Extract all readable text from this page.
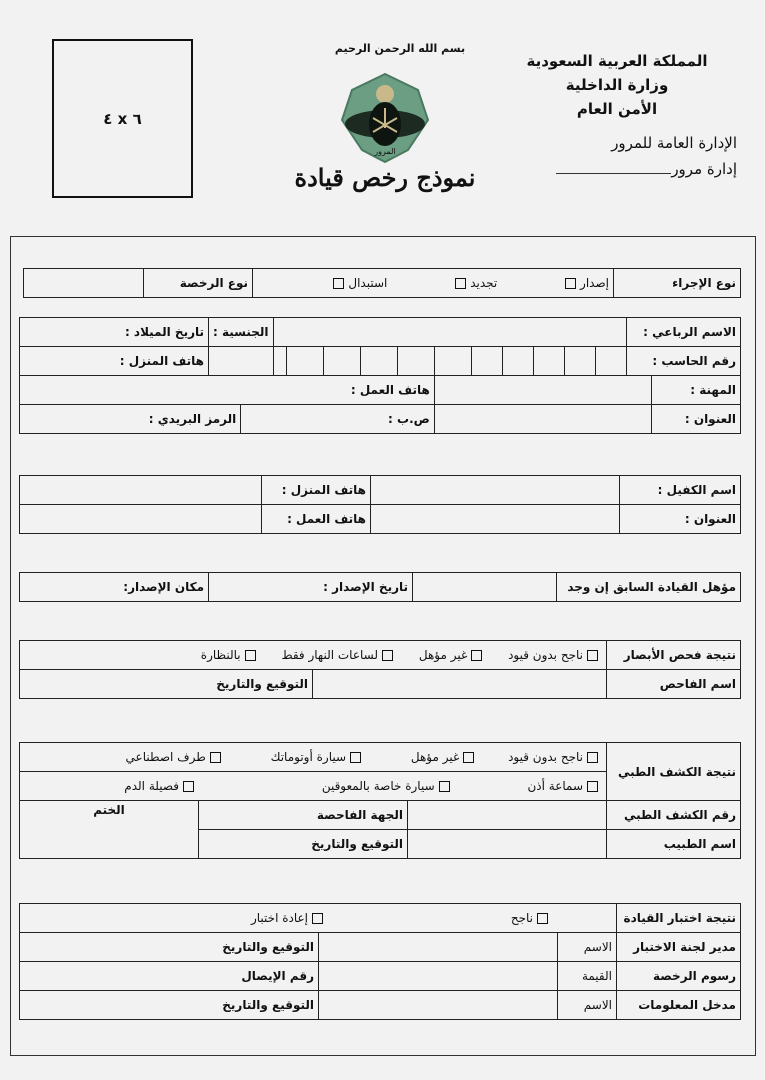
٤ x ٦
بسم الله الرحمن الرحيم
المرور
نموذج رخص قيادة
المملكة العربية السعودية
وزارة الداخلية
الأمن العام
الإدارة العامة للمرور
إدارة مرور
نوع الإجراء	إصدار تجديد استبدال	نوع الرخصة	
الاسم الرباعي :													الجنسية :		تاريخ الميلاد :
رقم الحاسب :															هاتف المنزل :
المهنة :								هاتف العمل :							
العنوان :								ص.ب :						الرمز البريدي :	
اسم الكفيل :		هاتف المنزل :	
العنوان :		هاتف العمل :	
مؤهل القيادة السابق إن وجد		تاريخ الإصدار :	مكان الإصدار:
نتيجة فحص الأبصار	ناجح بدون قيود غير مؤهل لساعات النهار فقط بالنظارة	
اسم الفاحص		التوقيع والتاريخ
نتيجة الكشف الطبي	ناجح بدون قيود غير مؤهل سيارة أوتوماتك طرف اصطناعي		
	سماعة أذن سيارة خاصة بالمعوقين فصيلة الدم		
رقم الكشف الطبي		الجهة الفاحصة	الختم
اسم الطبيب		التوقيع والتاريخ	
نتيجة اختبار القيادة	ناجح إعادة اختبار		
مدير لجنة الاختبار	الاسم		التوقيع والتاريخ
رسوم الرخصة	القيمة		رقم الإيصال
مدخل المعلومات	الاسم		التوقيع والتاريخ
